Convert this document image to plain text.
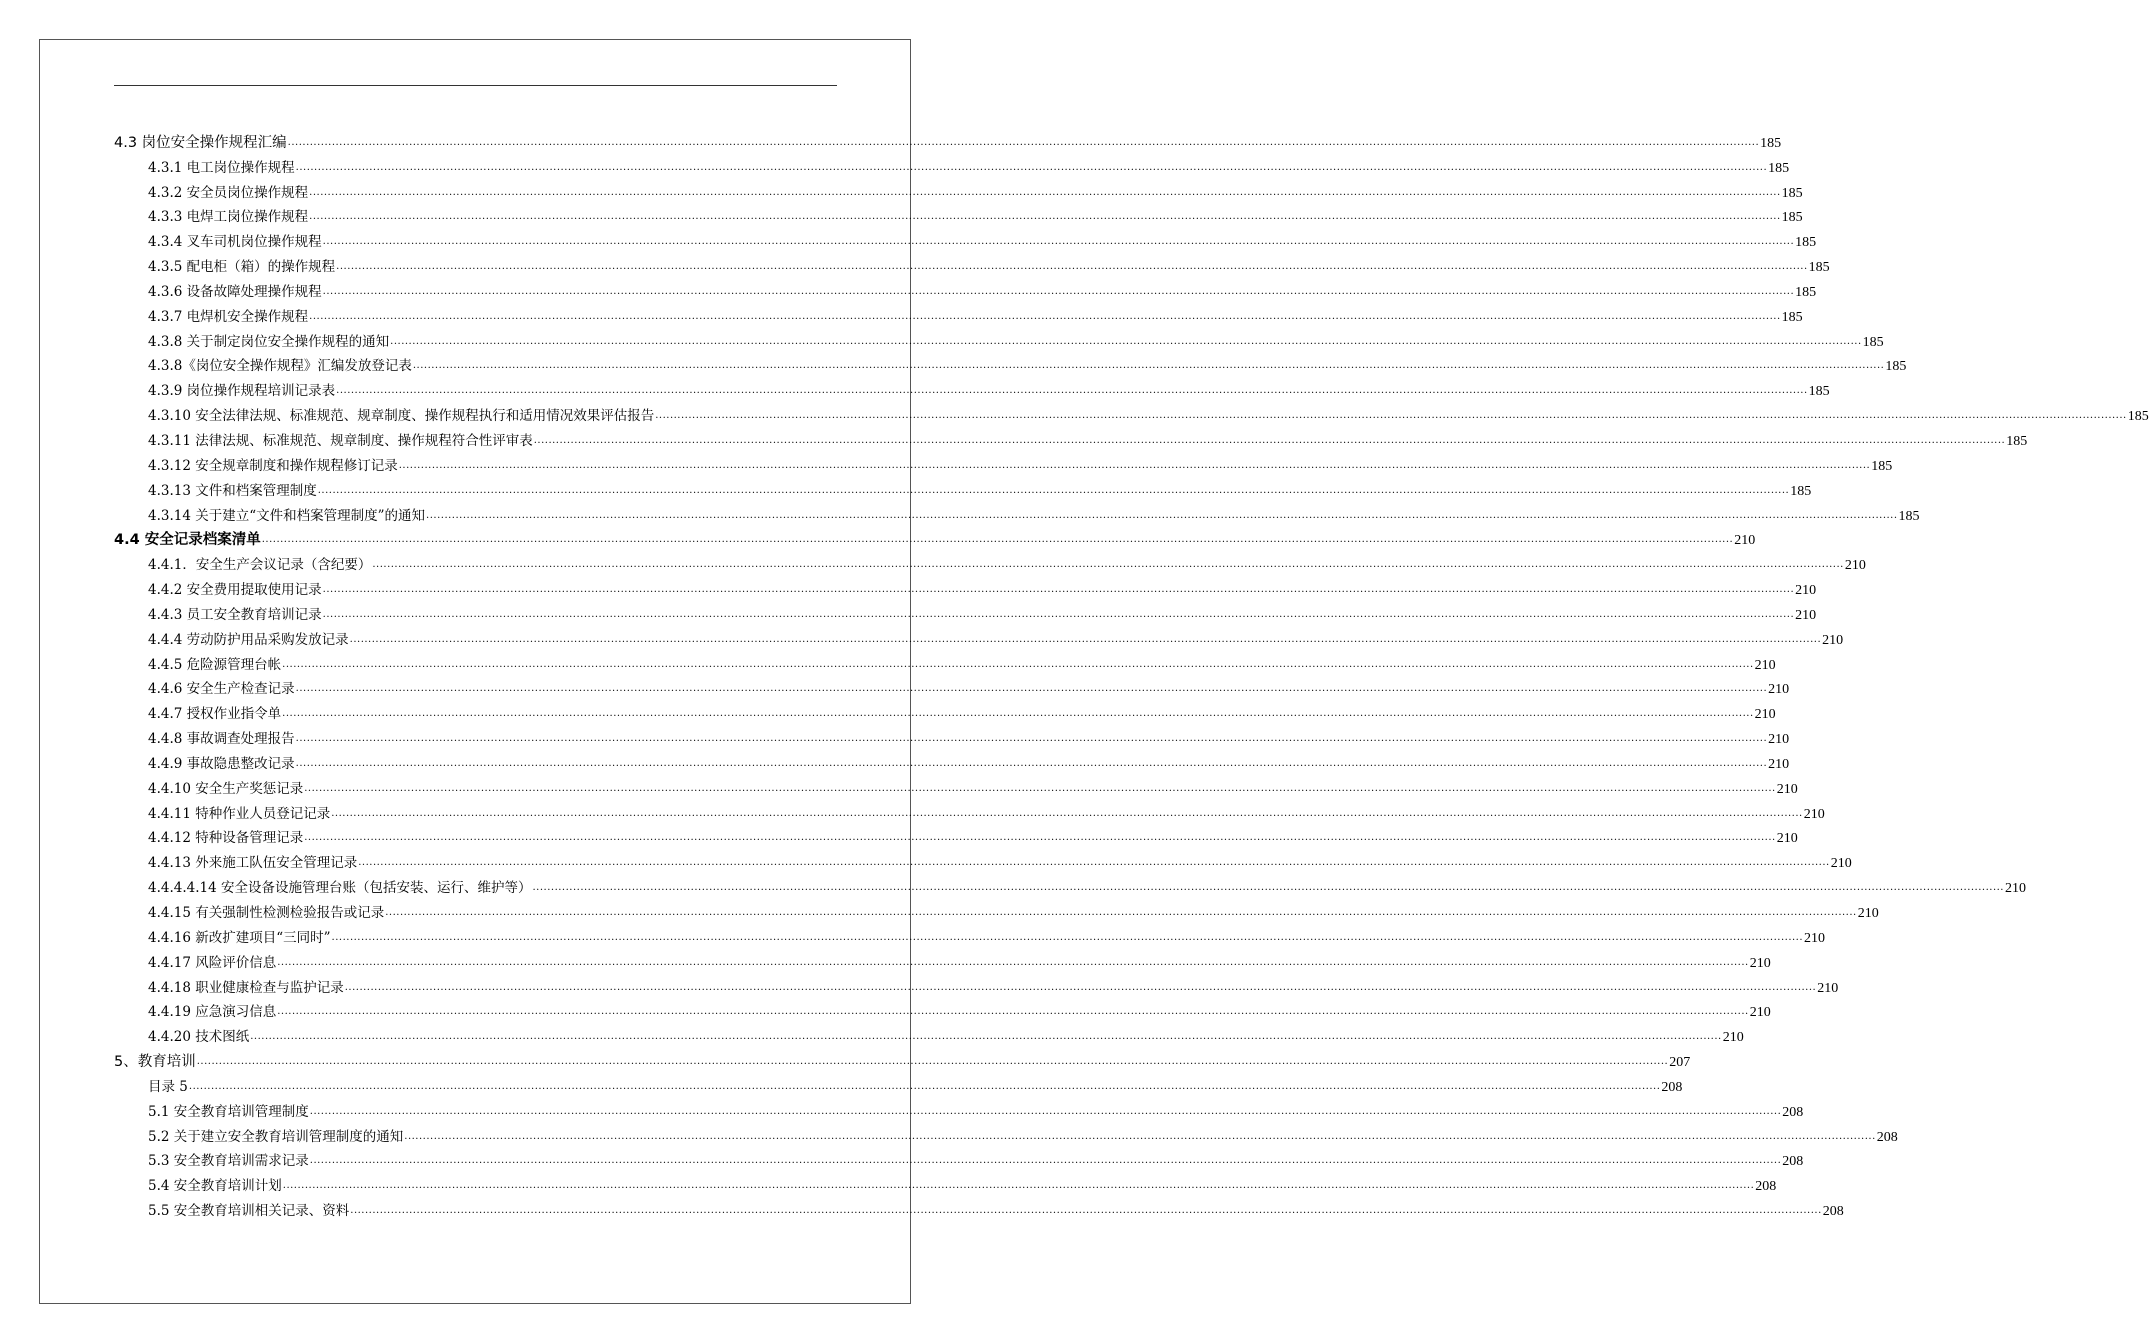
4.3 岗位安全操作规程汇编 ................................................................................................................................................................................................................................................................................................................................................................................................................ 185
4.3.1 电工岗位操作规程 ................................................................................................................................................................................................................................................................................................................................................................................................................ 185
4.3.2 安全员岗位操作规程 ................................................................................................................................................................................................................................................................................................................................................................................................................ 185
4.3.3 电焊工岗位操作规程 ................................................................................................................................................................................................................................................................................................................................................................................................................ 185
4.3.4 叉车司机岗位操作规程 ................................................................................................................................................................................................................................................................................................................................................................................................................ 185
4.3.5 配电柜（箱）的操作规程 ................................................................................................................................................................................................................................................................................................................................................................................................................ 185
4.3.6 设备故障处理操作规程 ................................................................................................................................................................................................................................................................................................................................................................................................................ 185
4.3.7 电焊机安全操作规程 ................................................................................................................................................................................................................................................................................................................................................................................................................ 185
4.3.8 关于制定岗位安全操作规程的通知 ................................................................................................................................................................................................................................................................................................................................................................................................................ 185
4.3.8《岗位安全操作规程》汇编发放登记表 ................................................................................................................................................................................................................................................................................................................................................................................................................ 185
4.3.9 岗位操作规程培训记录表 ................................................................................................................................................................................................................................................................................................................................................................................................................ 185
4.3.10 安全法律法规、标准规范、规章制度、操作规程执行和适用情况效果评估报告 ................................................................................................................................................................................................................................................................................................................................................................................................................ 185
4.3.11 法律法规、标准规范、规章制度、操作规程符合性评审表 ................................................................................................................................................................................................................................................................................................................................................................................................................ 185
4.3.12 安全规章制度和操作规程修订记录 ................................................................................................................................................................................................................................................................................................................................................................................................................ 185
4.3.13 文件和档案管理制度 ................................................................................................................................................................................................................................................................................................................................................................................................................ 185
4.3.14 关于建立“文件和档案管理制度”的通知 ................................................................................................................................................................................................................................................................................................................................................................................................................ 185
4.4 安全记录档案清单 ................................................................................................................................................................................................................................................................................................................................................................................................................ 210
4.4.1．安全生产会议记录（含纪要） ................................................................................................................................................................................................................................................................................................................................................................................................................ 210
4.4.2 安全费用提取使用记录 ................................................................................................................................................................................................................................................................................................................................................................................................................ 210
4.4.3 员工安全教育培训记录 ................................................................................................................................................................................................................................................................................................................................................................................................................ 210
4.4.4 劳动防护用品采购发放记录 ................................................................................................................................................................................................................................................................................................................................................................................................................ 210
4.4.5 危险源管理台帐 ................................................................................................................................................................................................................................................................................................................................................................................................................ 210
4.4.6 安全生产检查记录 ................................................................................................................................................................................................................................................................................................................................................................................................................ 210
4.4.7 授权作业指令单 ................................................................................................................................................................................................................................................................................................................................................................................................................ 210
4.4.8 事故调查处理报告 ................................................................................................................................................................................................................................................................................................................................................................................................................ 210
4.4.9 事故隐患整改记录 ................................................................................................................................................................................................................................................................................................................................................................................................................ 210
4.4.10 安全生产奖惩记录 ................................................................................................................................................................................................................................................................................................................................................................................................................ 210
4.4.11 特种作业人员登记记录 ................................................................................................................................................................................................................................................................................................................................................................................................................ 210
4.4.12 特种设备管理记录 ................................................................................................................................................................................................................................................................................................................................................................................................................ 210
4.4.13 外来施工队伍安全管理记录 ................................................................................................................................................................................................................................................................................................................................................................................................................ 210
4.4.4.4.14 安全设备设施管理台账（包括安装、运行、维护等） ................................................................................................................................................................................................................................................................................................................................................................................................................ 210
4.4.15 有关强制性检测检验报告或记录 ................................................................................................................................................................................................................................................................................................................................................................................................................ 210
4.4.16 新改扩建项目“三同时” ................................................................................................................................................................................................................................................................................................................................................................................................................ 210
4.4.17 风险评价信息 ................................................................................................................................................................................................................................................................................................................................................................................................................ 210
4.4.18 职业健康检查与监护记录 ................................................................................................................................................................................................................................................................................................................................................................................................................ 210
4.4.19 应急演习信息 ................................................................................................................................................................................................................................................................................................................................................................................................................ 210
4.4.20 技术图纸 ................................................................................................................................................................................................................................................................................................................................................................................................................ 210
5、教育培训 ................................................................................................................................................................................................................................................................................................................................................................................................................ 207
目录 5 ................................................................................................................................................................................................................................................................................................................................................................................................................ 208
5.1 安全教育培训管理制度 ................................................................................................................................................................................................................................................................................................................................................................................................................ 208
5.2 关于建立安全教育培训管理制度的通知 ................................................................................................................................................................................................................................................................................................................................................................................................................ 208
5.3 安全教育培训需求记录 ................................................................................................................................................................................................................................................................................................................................................................................................................ 208
5.4 安全教育培训计划 ................................................................................................................................................................................................................................................................................................................................................................................................................ 208
5.5 安全教育培训相关记录、资料 ................................................................................................................................................................................................................................................................................................................................................................................................................ 208
